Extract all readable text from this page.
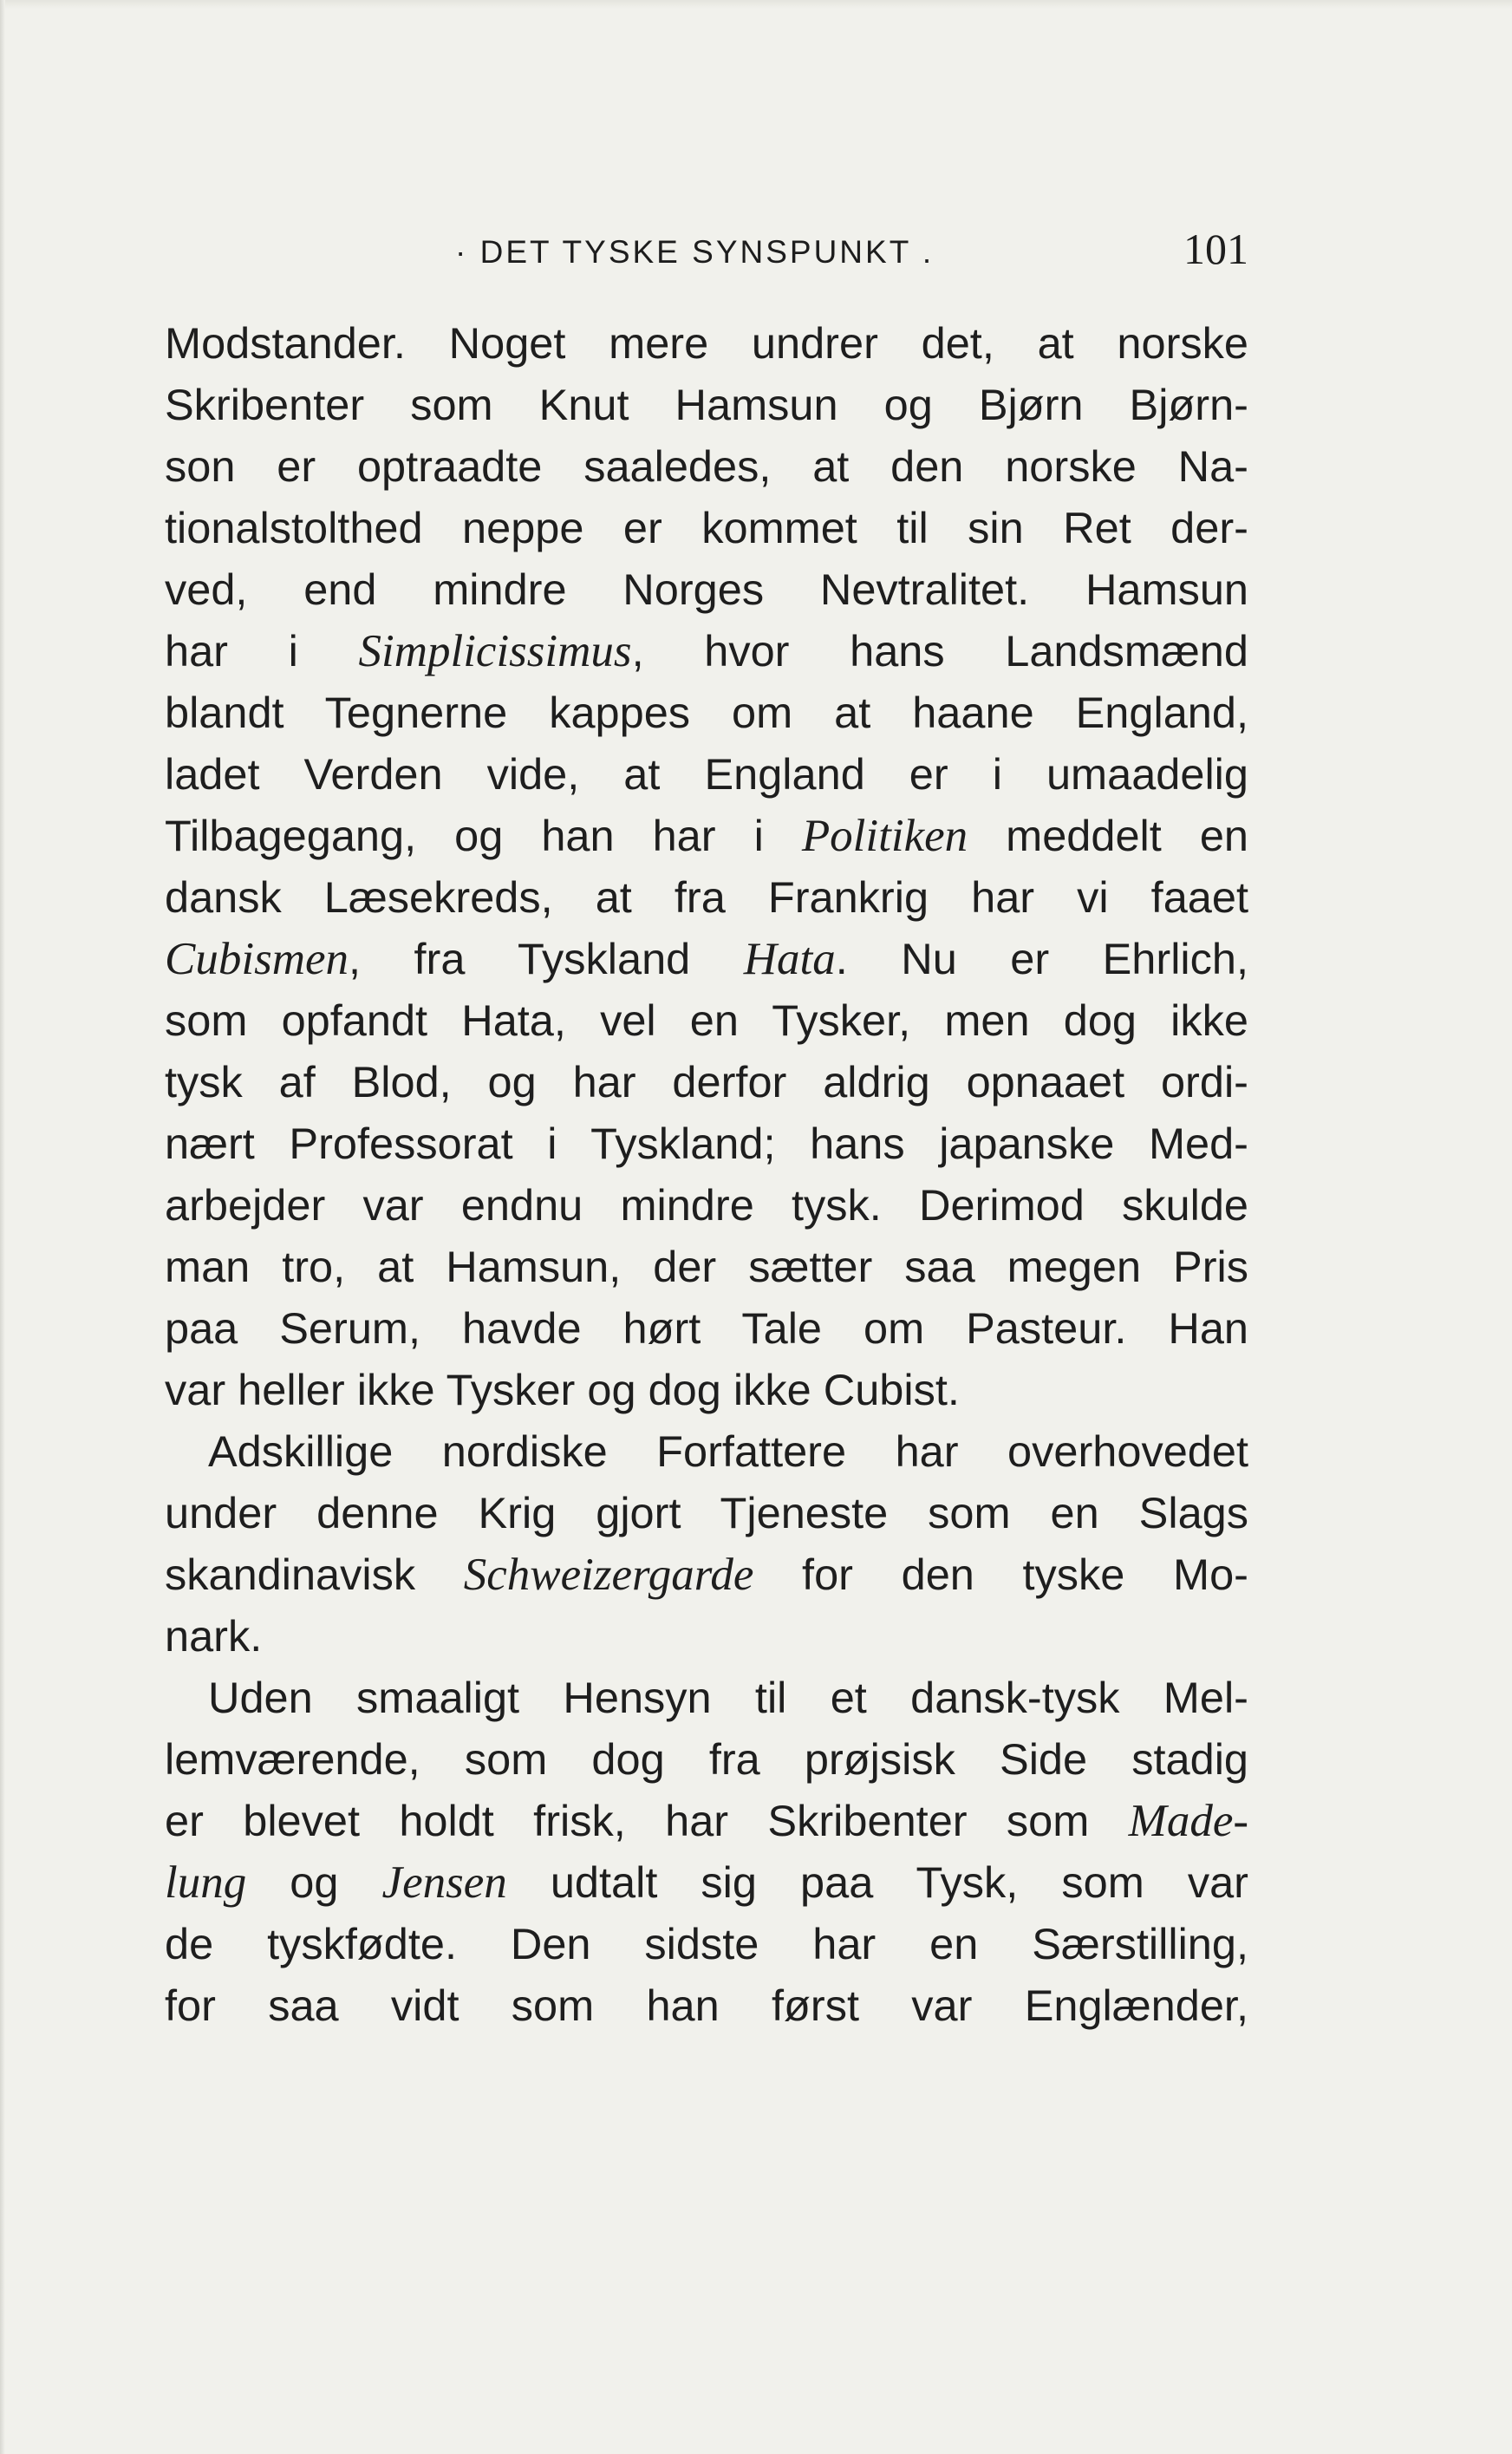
· DET TYSKE SYNSPUNKT .	101
Modstander. Noget mere undrer det, at norske
Skribenter som Knut Hamsun og Bjørn Bjørn-
son er optraadte saaledes, at den norske Na-
tionalstolthed neppe er kommet til sin Ret der-
ved, end mindre Norges Nevtralitet. Hamsun
har i Simplicissimus, hvor hans Landsmænd
blandt Tegnerne kappes om at haane England,
ladet Verden vide, at England er i umaadelig
Tilbagegang, og han har i Politiken meddelt en
dansk Læsekreds, at fra Frankrig har vi faaet
Cubismen, fra Tyskland Hata. Nu er Ehrlich,
som opfandt Hata, vel en Tysker, men dog ikke
tysk af Blod, og har derfor aldrig opnaaet ordi-
nært Professorat i Tyskland; hans japanske Med-
arbejder var endnu mindre tysk. Derimod skulde
man tro, at Hamsun, der sætter saa megen Pris
paa Serum, havde hørt Tale om Pasteur. Han
var heller ikke Tysker og dog ikke Cubist.
Adskillige nordiske Forfattere har overhovedet
under denne Krig gjort Tjeneste som en Slags
skandinavisk Schweizergarde for den tyske Mo-
nark.
Uden smaaligt Hensyn til et dansk-tysk Mel-
lemværende, som dog fra prøjsisk Side stadig
er blevet holdt frisk, har Skribenter som Made-
lung og Jensen udtalt sig paa Tysk, som var
de tyskfødte. Den sidste har en Særstilling,
for saa vidt som han først var Englænder,
